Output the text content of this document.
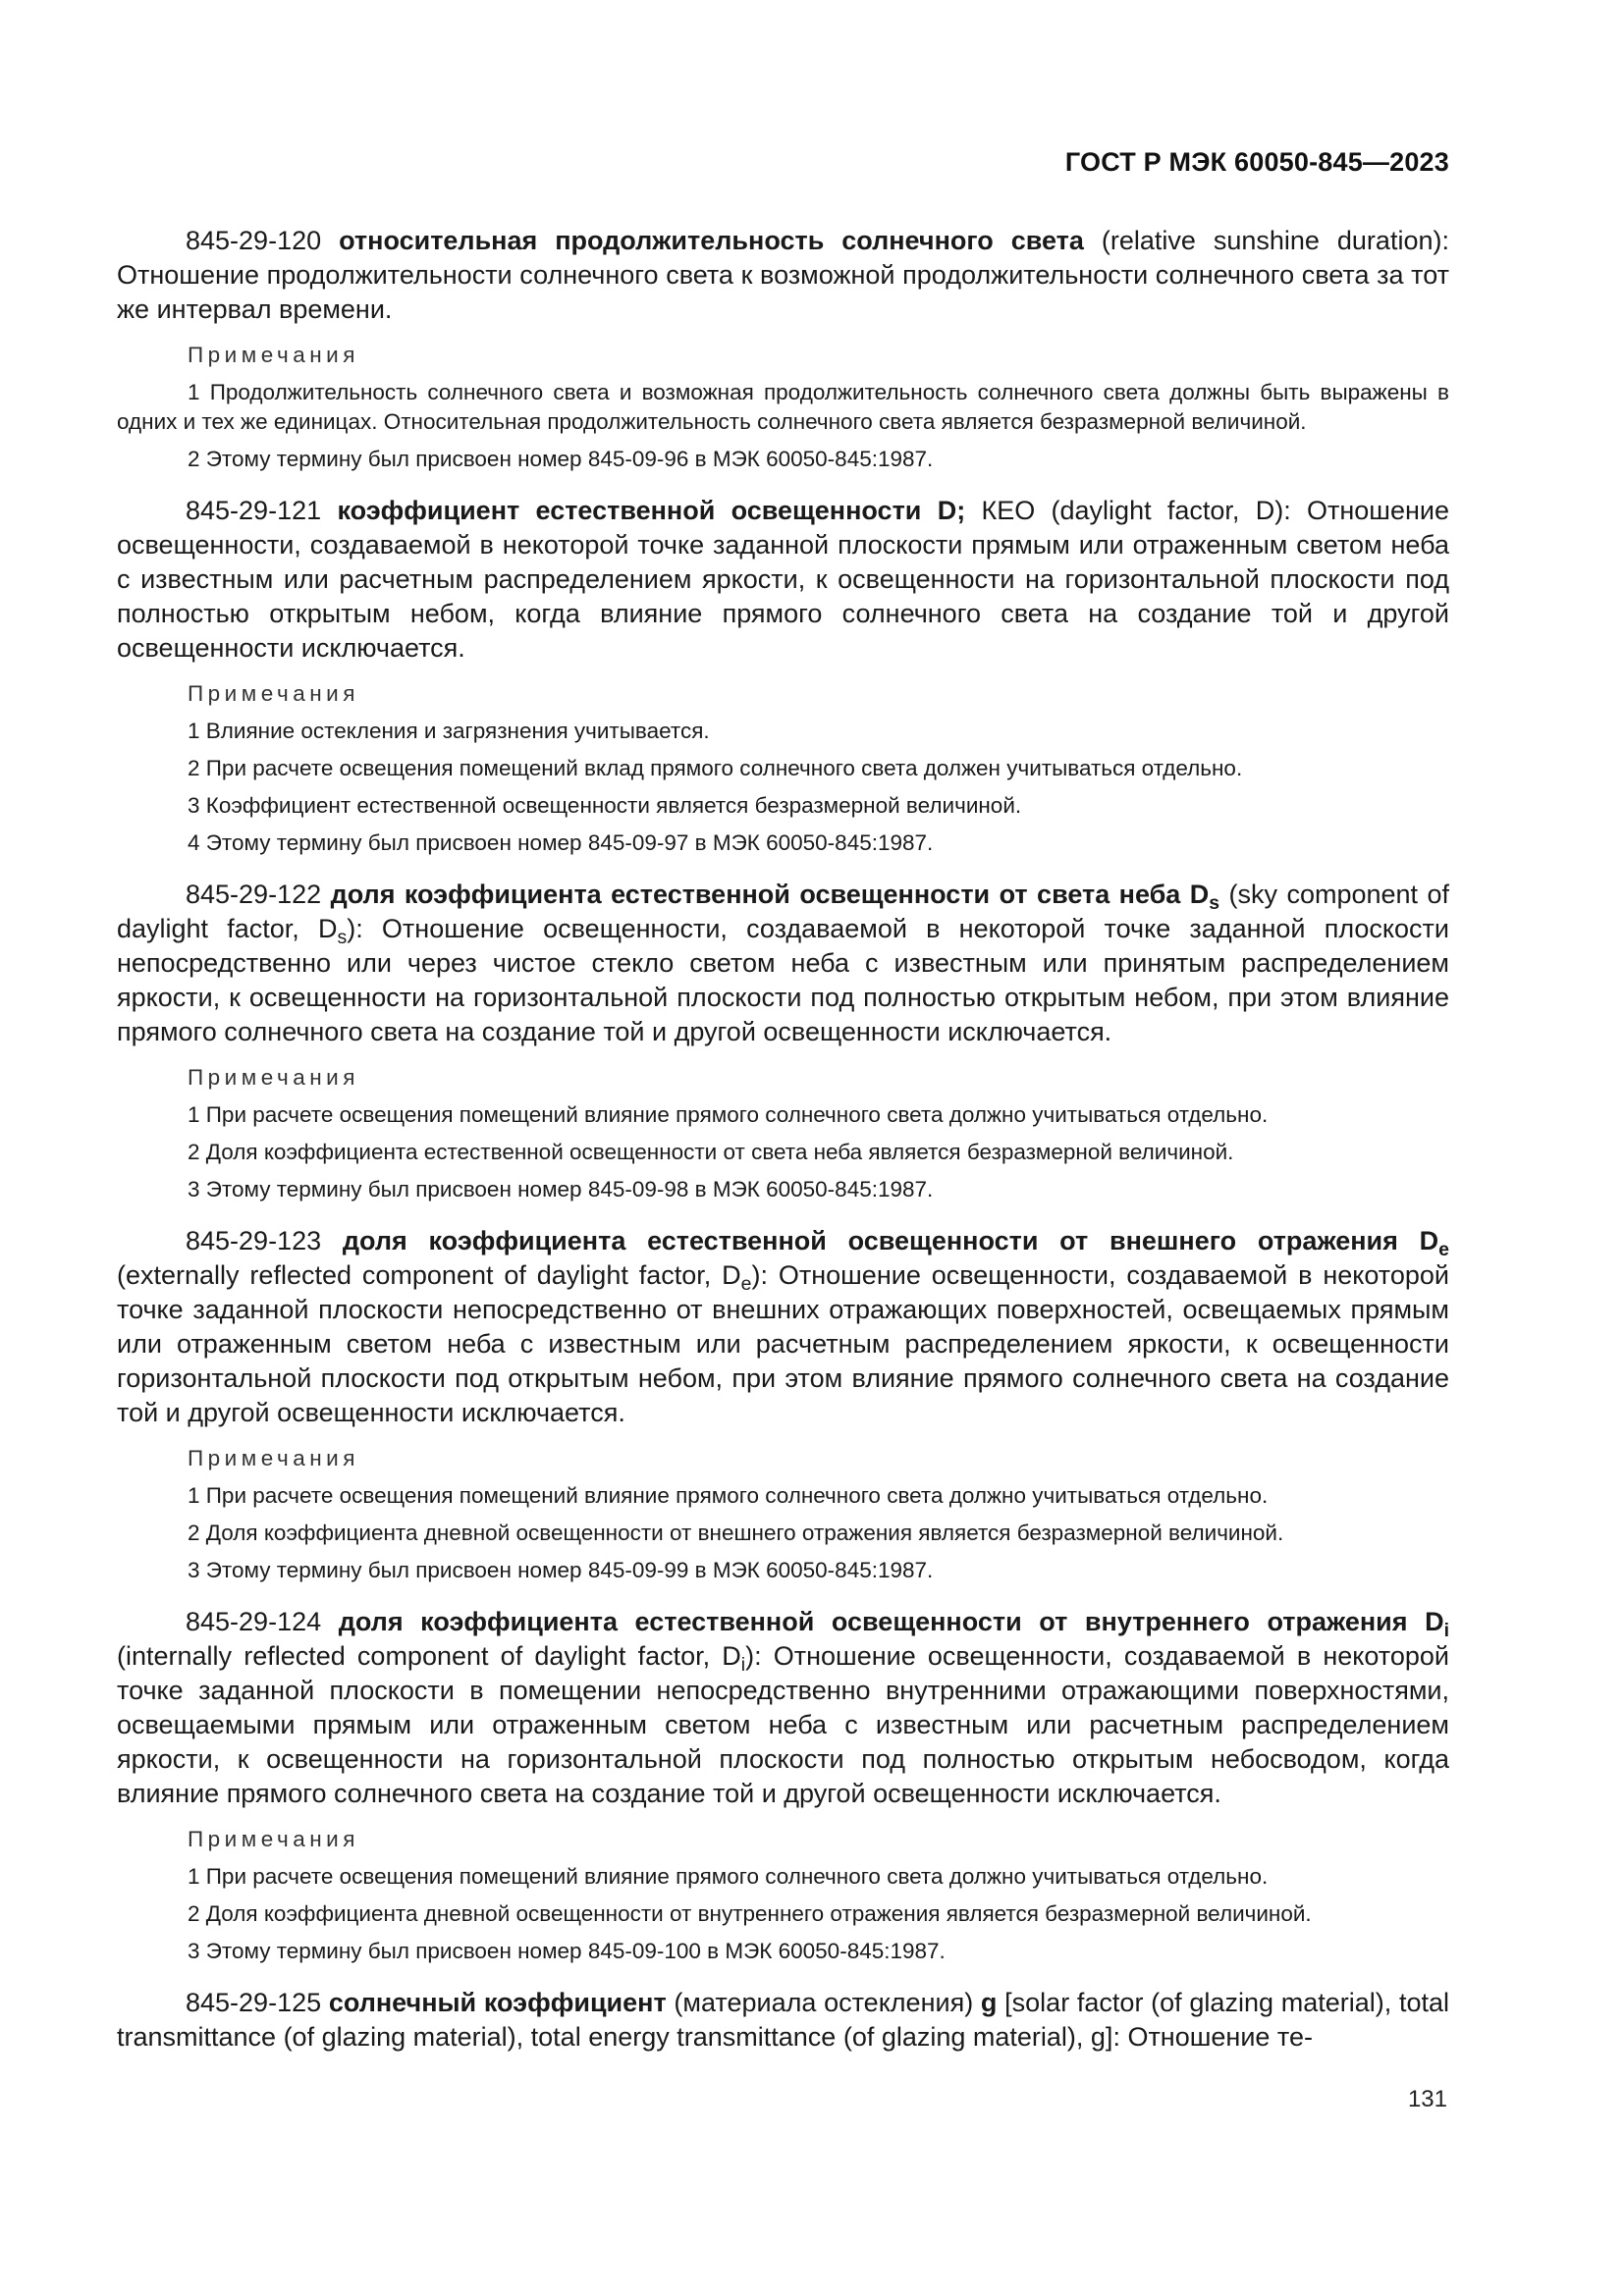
ГОСТ Р МЭК 60050-845—2023

845-29-120 относительная продолжительность солнечного света (relative sunshine duration): Отношение продолжительности солнечного света к возможной продолжительности солнечного света за тот же интервал времени.

Примечания

1 Продолжительность солнечного света и возможная продолжительность солнечного света должны быть выражены в одних и тех же единицах. Относительная продолжительность солнечного света является безразмерной величиной.

2 Этому термину был присвоен номер 845-09-96 в МЭК 60050-845:1987.

845-29-121 коэффициент естественной освещенности D; КЕО (daylight factor, D): Отношение освещенности, создаваемой в некоторой точке заданной плоскости прямым или отраженным светом неба с известным или расчетным распределением яркости, к освещенности на горизонтальной плоскости под полностью открытым небом, когда влияние прямого солнечного света на создание той и другой освещенности исключается.

Примечания

1 Влияние остекления и загрязнения учитывается.

2 При расчете освещения помещений вклад прямого солнечного света должен учитываться отдельно.

3 Коэффициент естественной освещенности является безразмерной величиной.

4 Этому термину был присвоен номер 845-09-97 в МЭК 60050-845:1987.

845-29-122 доля коэффициента естественной освещенности от света неба $D_s$ (sky component of daylight factor, $D_s$): Отношение освещенности, создаваемой в некоторой точке заданной плоскости непосредственно или через чистое стекло светом неба с известным или принятым распределением яркости, к освещенности на горизонтальной плоскости под полностью открытым небом, при этом влияние прямого солнечного света на создание той и другой освещенности исключается.

Примечания

1 При расчете освещения помещений влияние прямого солнечного света должно учитываться отдельно.

2 Доля коэффициента естественной освещенности от света неба является безразмерной величиной.

3 Этому термину был присвоен номер 845-09-98 в МЭК 60050-845:1987.

845-29-123 доля коэффициента естественной освещенности от внешнего отражения $D_e$ (externally reflected component of daylight factor, $D_e$): Отношение освещенности, создаваемой в некоторой точке заданной плоскости непосредственно от внешних отражающих поверхностей, освещаемых прямым или отраженным светом неба с известным или расчетным распределением яркости, к освещенности горизонтальной плоскости под открытым небом, при этом влияние прямого солнечного света на создание той и другой освещенности исключается.

Примечания

1 При расчете освещения помещений влияние прямого солнечного света должно учитываться отдельно.

2 Доля коэффициента дневной освещенности от внешнего отражения является безразмерной величиной.

3 Этому термину был присвоен номер 845-09-99 в МЭК 60050-845:1987.

845-29-124 доля коэффициента естественной освещенности от внутреннего отражения $D_i$ (internally reflected component of daylight factor, $D_i$): Отношение освещенности, создаваемой в некоторой точке заданной плоскости в помещении непосредственно внутренними отражающими поверхностями, освещаемыми прямым или отраженным светом неба с известным или расчетным распределением яркости, к освещенности на горизонтальной плоскости под полностью открытым небосводом, когда влияние прямого солнечного света на создание той и другой освещенности исключается.

Примечания

1 При расчете освещения помещений влияние прямого солнечного света должно учитываться отдельно.

2 Доля коэффициента дневной освещенности от внутреннего отражения является безразмерной величиной.

3 Этому термину был присвоен номер 845-09-100 в МЭК 60050-845:1987.

845-29-125 солнечный коэффициент (материала остекления) g [solar factor (of glazing material), total transmittance (of glazing material), total energy transmittance (of glazing material), g]: Отношение те-

131
